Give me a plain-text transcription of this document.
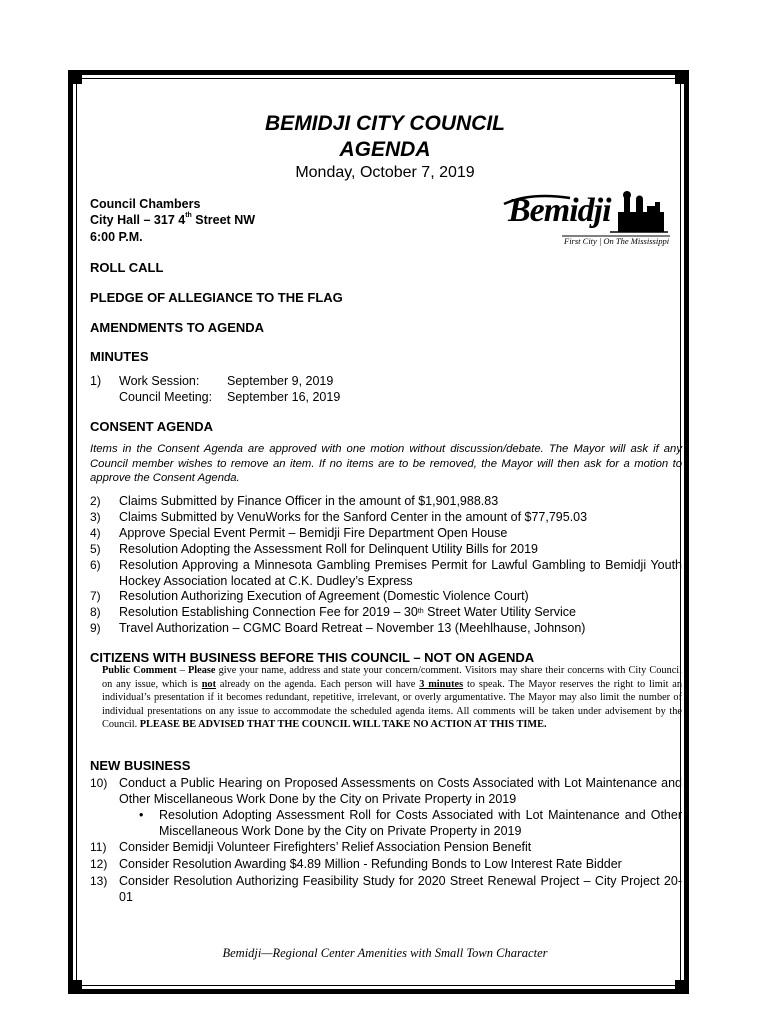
BEMIDJI CITY COUNCIL
AGENDA
Monday, October 7, 2019
Council Chambers
City Hall – 317 4th Street NW
6:00 P.M.
Bemidji
First City | On The Mississippi
ROLL CALL
PLEDGE OF ALLEGIANCE TO THE FLAG
AMENDMENTS TO AGENDA
MINUTES
1) Work Session: September 9, 2019
Council Meeting: September 16, 2019
CONSENT AGENDA
Items in the Consent Agenda are approved with one motion without discussion/debate. The Mayor will ask if any Council member wishes to remove an item. If no items are to be removed, the Mayor will then ask for a motion to approve the Consent Agenda.
2)	Claims Submitted by Finance Officer in the amount of $1,901,988.83
3)	Claims Submitted by VenuWorks for the Sanford Center in the amount of $77,795.03
4)	Approve Special Event Permit – Bemidji Fire Department Open House
5)	Resolution Adopting the Assessment Roll for Delinquent Utility Bills for 2019
6)	Resolution Approving a Minnesota Gambling Premises Permit for Lawful Gambling to Bemidji Youth Hockey Association located at C.K. Dudley’s Express
7)	Resolution Authorizing Execution of Agreement (Domestic Violence Court)
8)	Resolution Establishing Connection Fee for 2019 – 30th Street Water Utility Service
9)	Travel Authorization – CGMC Board Retreat – November 13 (Meehlhause, Johnson)
CITIZENS WITH BUSINESS BEFORE THIS COUNCIL – NOT ON AGENDA
Public Comment – Please give your name, address and state your concern/comment. Visitors may share their concerns with City Council on any issue, which is not already on the agenda. Each person will have 3 minutes to speak. The Mayor reserves the right to limit an individual’s presentation if it becomes redundant, repetitive, irrelevant, or overly argumentative. The Mayor may also limit the number of individual presentations on any issue to accommodate the scheduled agenda items. All comments will be taken under advisement by the Council. PLEASE BE ADVISED THAT THE COUNCIL WILL TAKE NO ACTION AT THIS TIME.
NEW BUSINESS
10) Conduct a Public Hearing on Proposed Assessments on Costs Associated with Lot Maintenance and Other Miscellaneous Work Done by the City on Private Property in 2019
• Resolution Adopting Assessment Roll for Costs Associated with Lot Maintenance and Other Miscellaneous Work Done by the City on Private Property in 2019
11)	Consider Bemidji Volunteer Firefighters’ Relief Association Pension Benefit
12) Consider Resolution Awarding $4.89 Million - Refunding Bonds to Low Interest Rate Bidder
13) Consider Resolution Authorizing Feasibility Study for 2020 Street Renewal Project – City Project 20-01
Bemidji—Regional Center Amenities with Small Town Character
